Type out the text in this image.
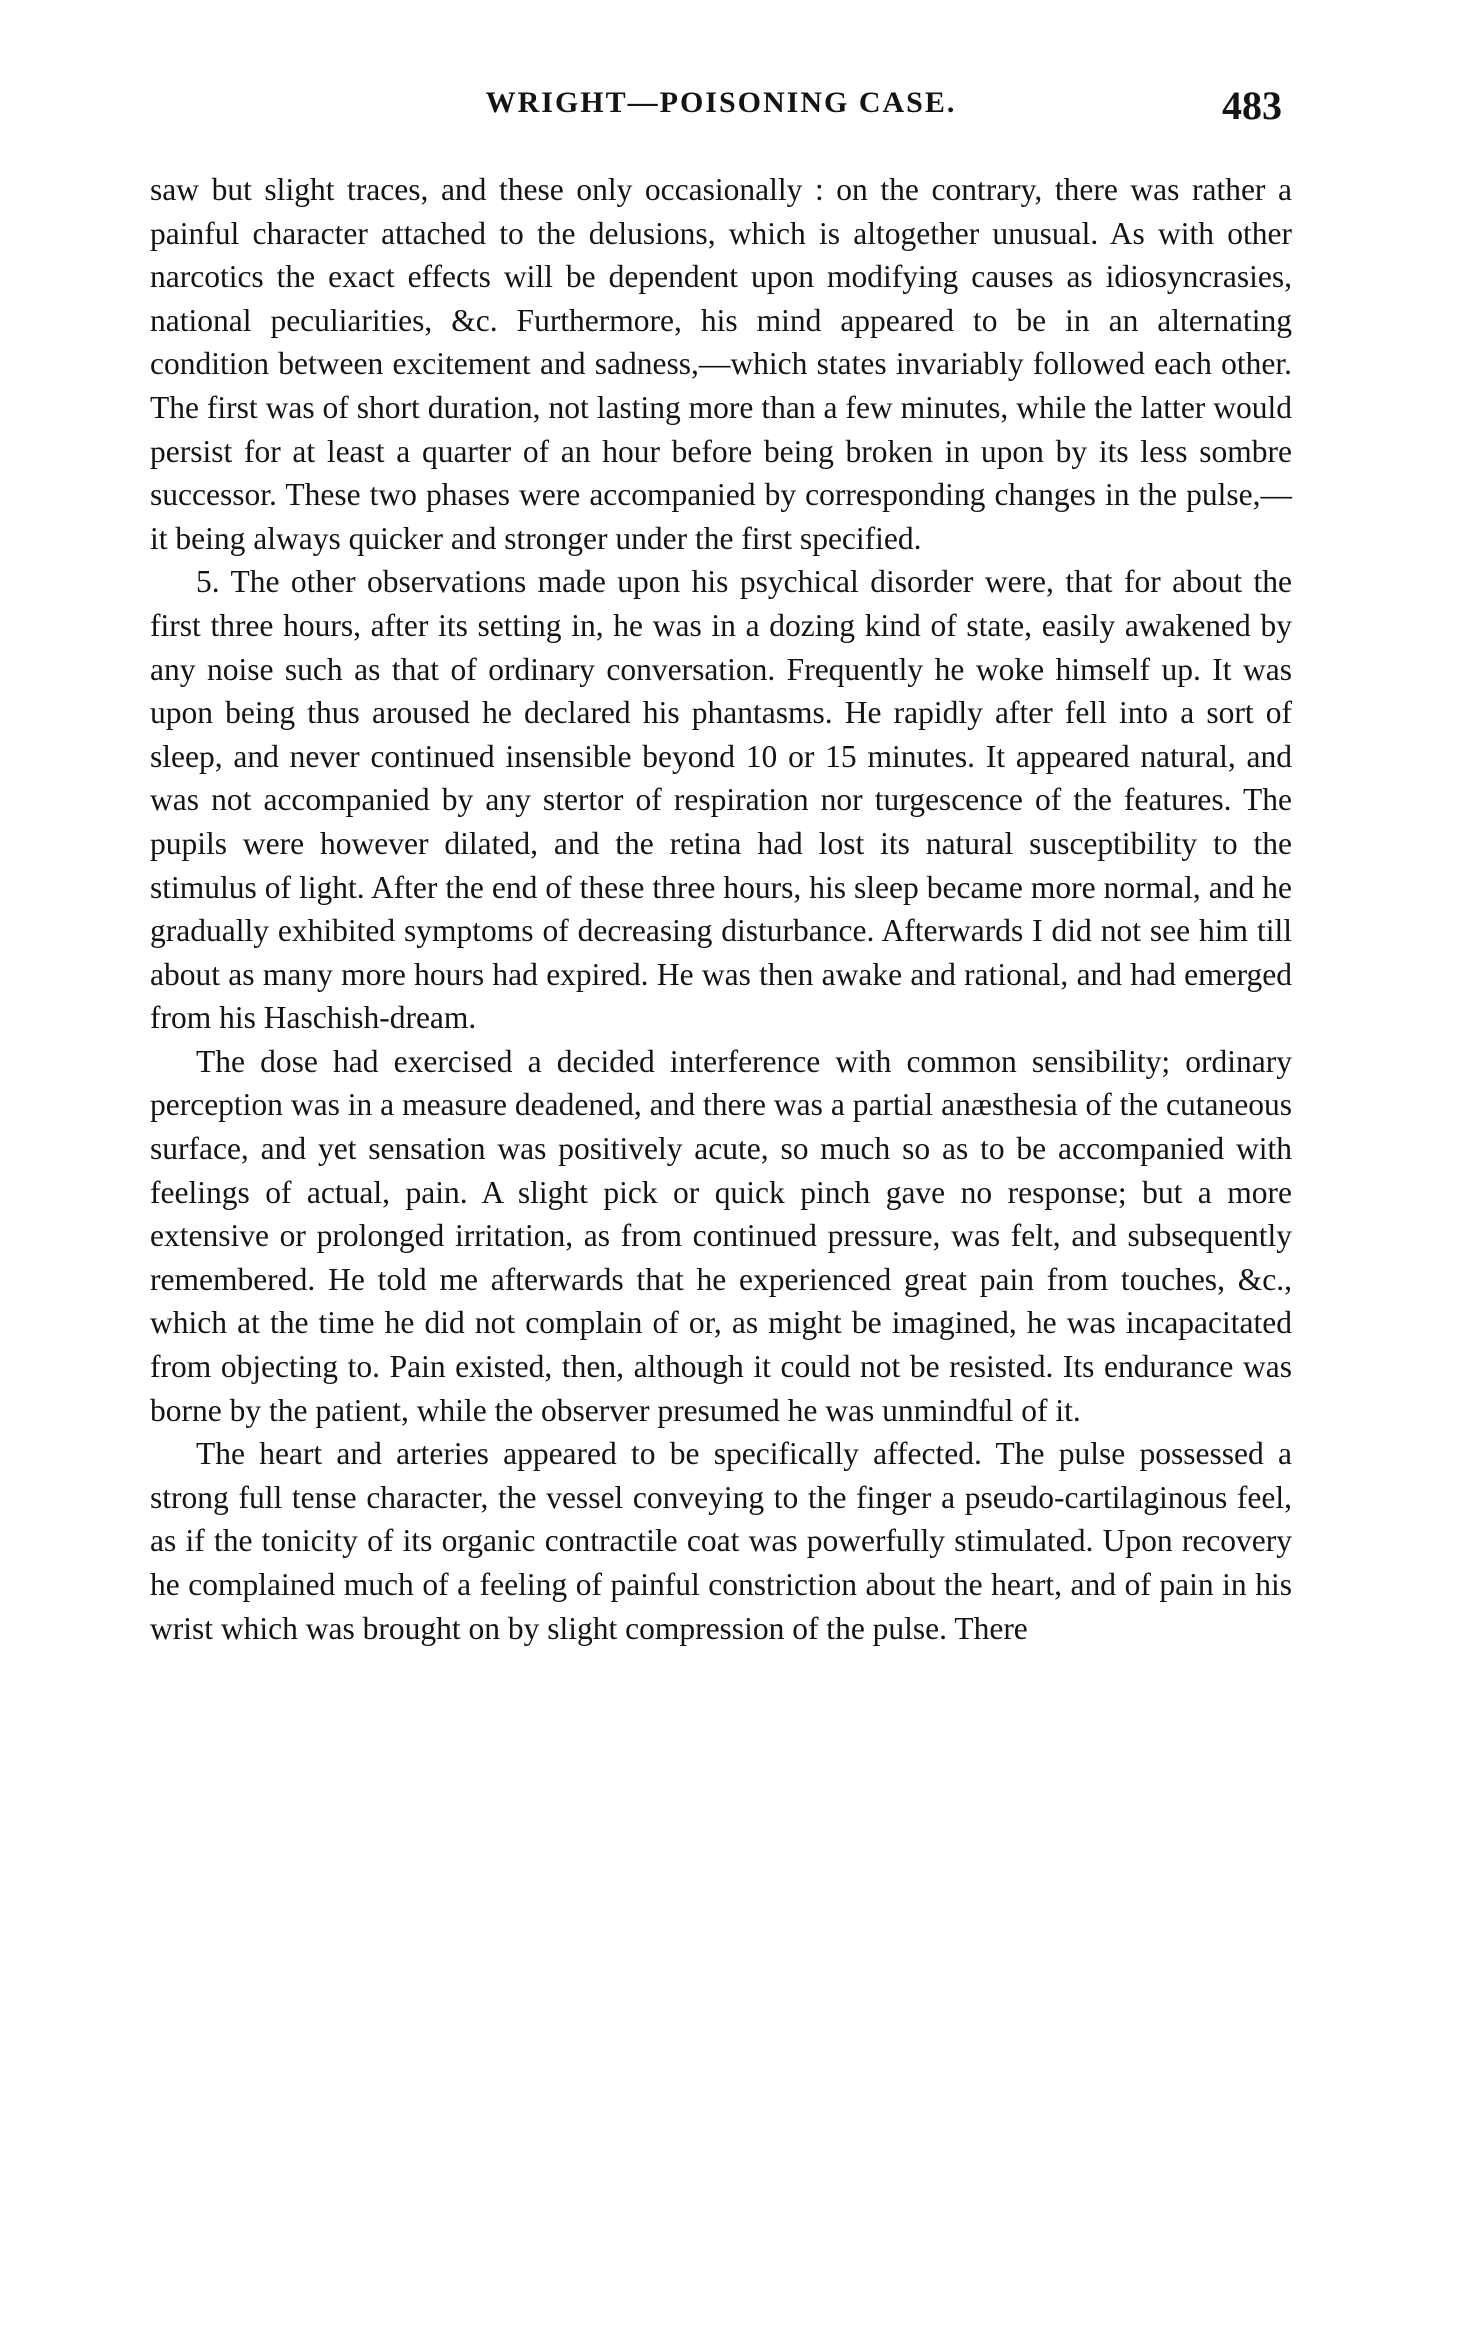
WRIGHT—POISONING CASE.	483

saw but slight traces, and these only occasionally : on the contrary, there was rather a painful character attached to the delusions, which is altogether unusual. As with other narcotics the exact effects will be dependent upon modifying causes as idiosyncrasies, national peculiarities, &c. Furthermore, his mind appeared to be in an alternating condition between excitement and sadness,—which states invariably followed each other. The first was of short duration, not lasting more than a few minutes, while the latter would persist for at least a quarter of an hour before being broken in upon by its less sombre successor. These two phases were accompanied by corresponding changes in the pulse,—it being always quicker and stronger under the first specified.

5. The other observations made upon his psychical disorder were, that for about the first three hours, after its setting in, he was in a dozing kind of state, easily awakened by any noise such as that of ordinary conversation. Frequently he woke himself up. It was upon being thus aroused he declared his phantasms. He rapidly after fell into a sort of sleep, and never continued insensible beyond 10 or 15 minutes. It appeared natural, and was not accompanied by any stertor of respiration nor turgescence of the features. The pupils were however dilated, and the retina had lost its natural susceptibility to the stimulus of light. After the end of these three hours, his sleep became more normal, and he gradually exhibited symptoms of decreasing disturbance. Afterwards I did not see him till about as many more hours had expired. He was then awake and rational, and had emerged from his Haschish-dream.

The dose had exercised a decided interference with common sensibility; ordinary perception was in a measure deadened, and there was a partial anæsthesia of the cutaneous surface, and yet sensation was positively acute, so much so as to be accompanied with feelings of actual, pain. A slight pick or quick pinch gave no response; but a more extensive or prolonged irritation, as from continued pressure, was felt, and subsequently remembered. He told me afterwards that he experienced great pain from touches, &c., which at the time he did not complain of or, as might be imagined, he was incapacitated from objecting to. Pain existed, then, although it could not be resisted. Its endurance was borne by the patient, while the observer presumed he was unmindful of it.

The heart and arteries appeared to be specifically affected. The pulse possessed a strong full tense character, the vessel conveying to the finger a pseudo-cartilaginous feel, as if the tonicity of its organic contractile coat was powerfully stimulated. Upon recovery he complained much of a feeling of painful constriction about the heart, and of pain in his wrist which was brought on by slight compression of the pulse. There
